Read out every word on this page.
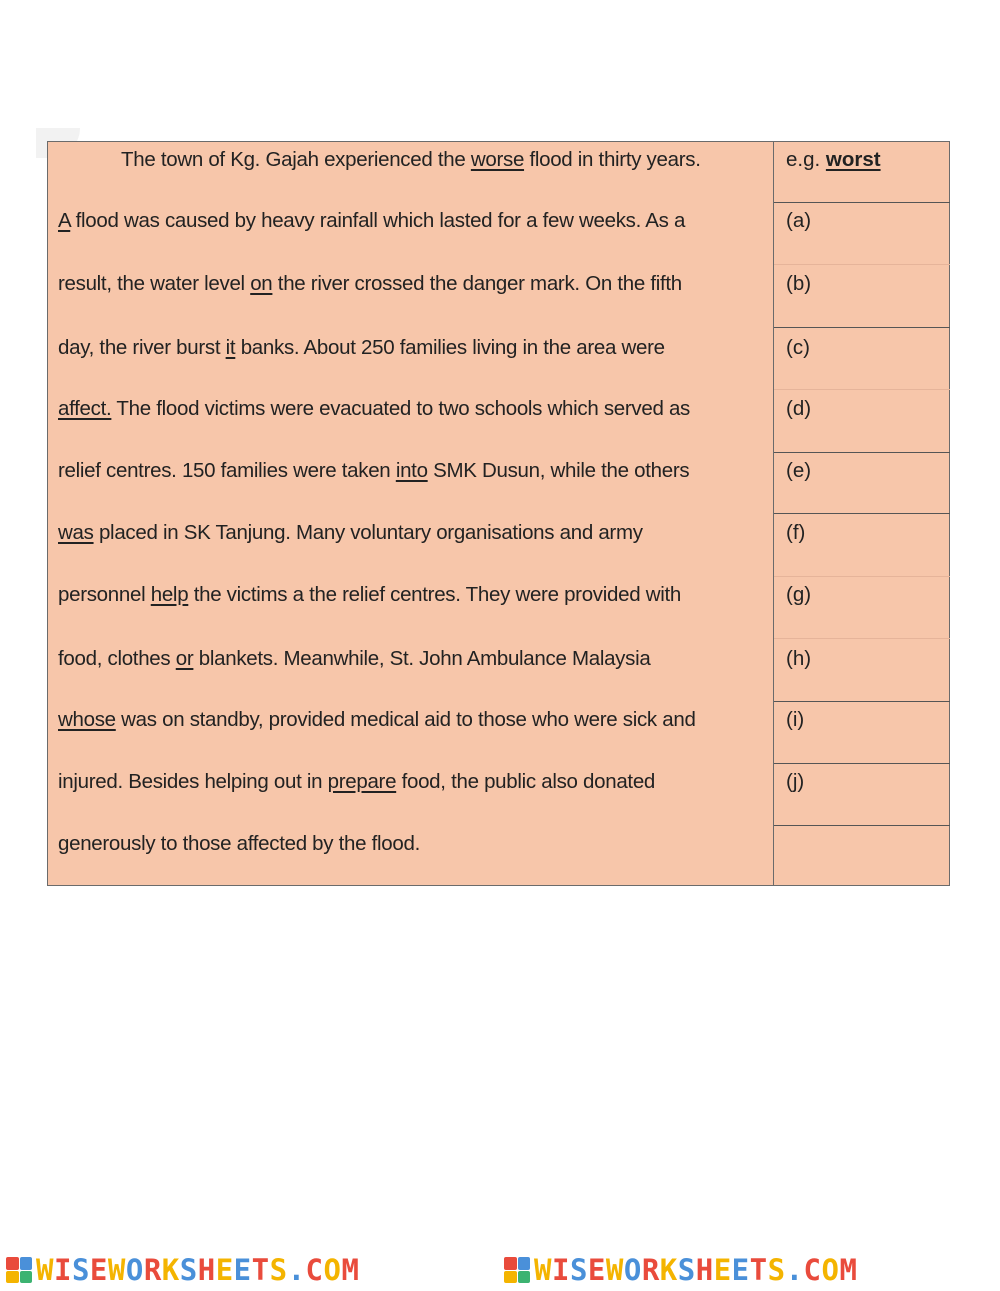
The town of Kg. Gajah experienced the worse flood in thirty years.
A flood was caused by heavy rainfall which lasted for a few weeks. As a
result, the water level on the river crossed the danger mark. On the fifth
day, the river burst it banks. About 250 families living in the area were
affect. The flood victims were evacuated to two schools which served as
relief centres. 150 families were taken into SMK Dusun, while the others
was placed in SK Tanjung. Many voluntary organisations and army
personnel help the victims a the relief centres. They were provided with
food, clothes or blankets. Meanwhile, St. John Ambulance Malaysia
whose was on standby, provided medical aid to those who were sick and
injured. Besides helping out in prepare food, the public also donated
generously to those affected by the flood.
e.g. worst
(a)
(b)
(c)
(d)
(e)
(f)
(g)
(h)
(i)
(j)
WISEWORKSHEETS.COM	WISEWORKSHEETS.COM
